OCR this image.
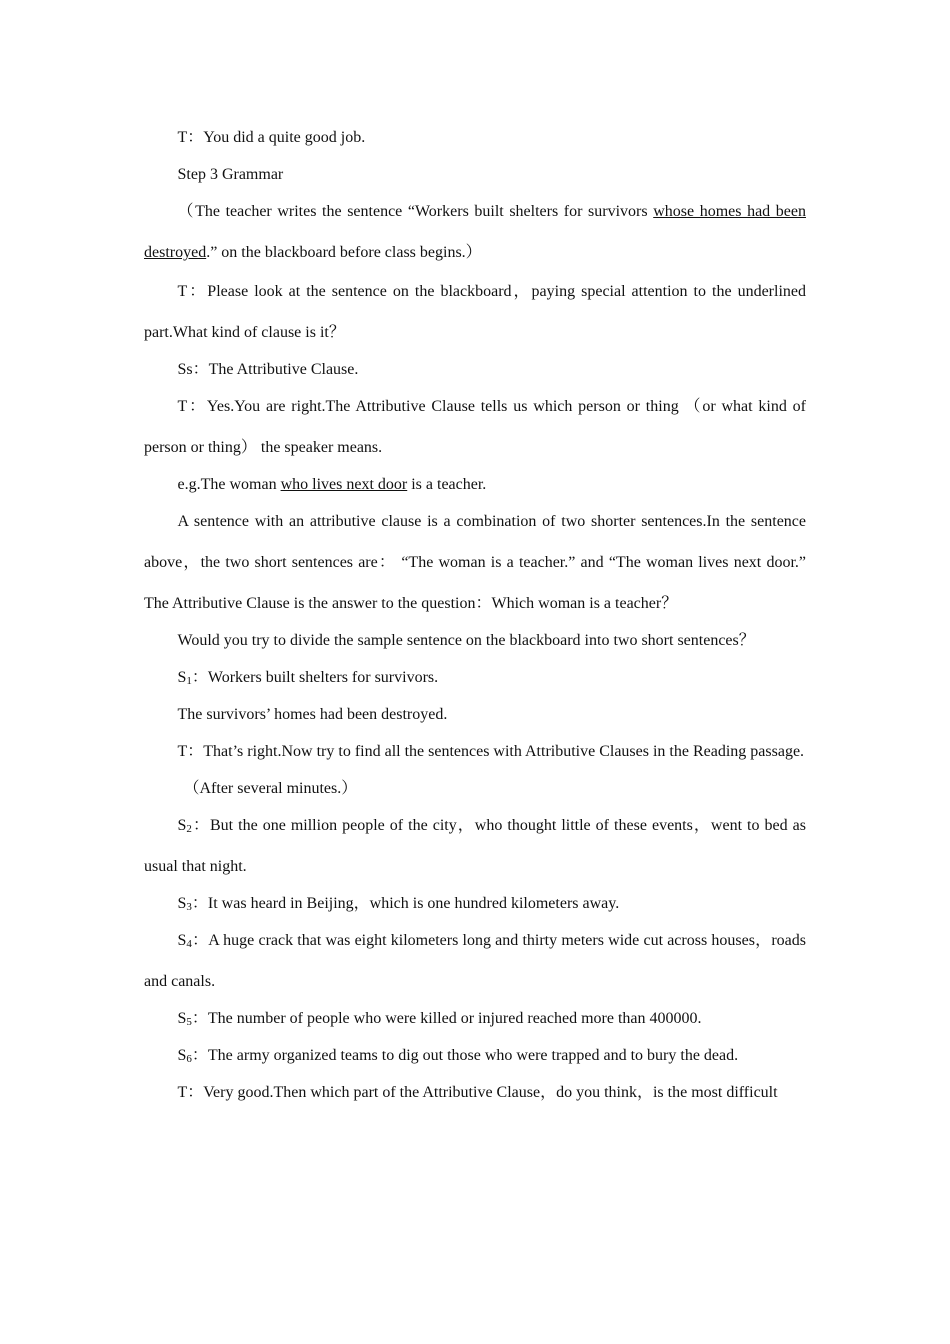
T：You did a quite good job.

Step 3 Grammar

（The teacher writes the sentence “Workers built shelters for survivors whose homes had been destroyed.” on the blackboard before class begins.）

T：Please look at the sentence on the blackboard，paying special attention to the underlined part.What kind of clause is it？

Ss：The Attributive Clause.

T：Yes.You are right.The Attributive Clause tells us which person or thing （or what kind of person or thing） the speaker means.

e.g.The woman who lives next door is a teacher.

A sentence with an attributive clause is a combination of two shorter sentences.In the sentence above，the two short sentences are： “The woman is a teacher.” and “The woman lives next door.” The Attributive Clause is the answer to the question：Which woman is a teacher？

Would you try to divide the sample sentence on the blackboard into two short sentences？

$S_1$：Workers built shelters for survivors.

The survivors’ homes had been destroyed.

T：That’s right.Now try to find all the sentences with Attributive Clauses in the Reading passage.

（After several minutes.）

$S_2$：But the one million people of the city，who thought little of these events，went to bed as usual that night.

$S_3$：It was heard in Beijing，which is one hundred kilometers away.

$S_4$：A huge crack that was eight kilometers long and thirty meters wide cut across houses，roads and canals.

$S_5$：The number of people who were killed or injured reached more than 400000.

$S_6$：The army organized teams to dig out those who were trapped and to bury the dead.

T：Very good.Then which part of the Attributive Clause，do you think，is the most difficult
